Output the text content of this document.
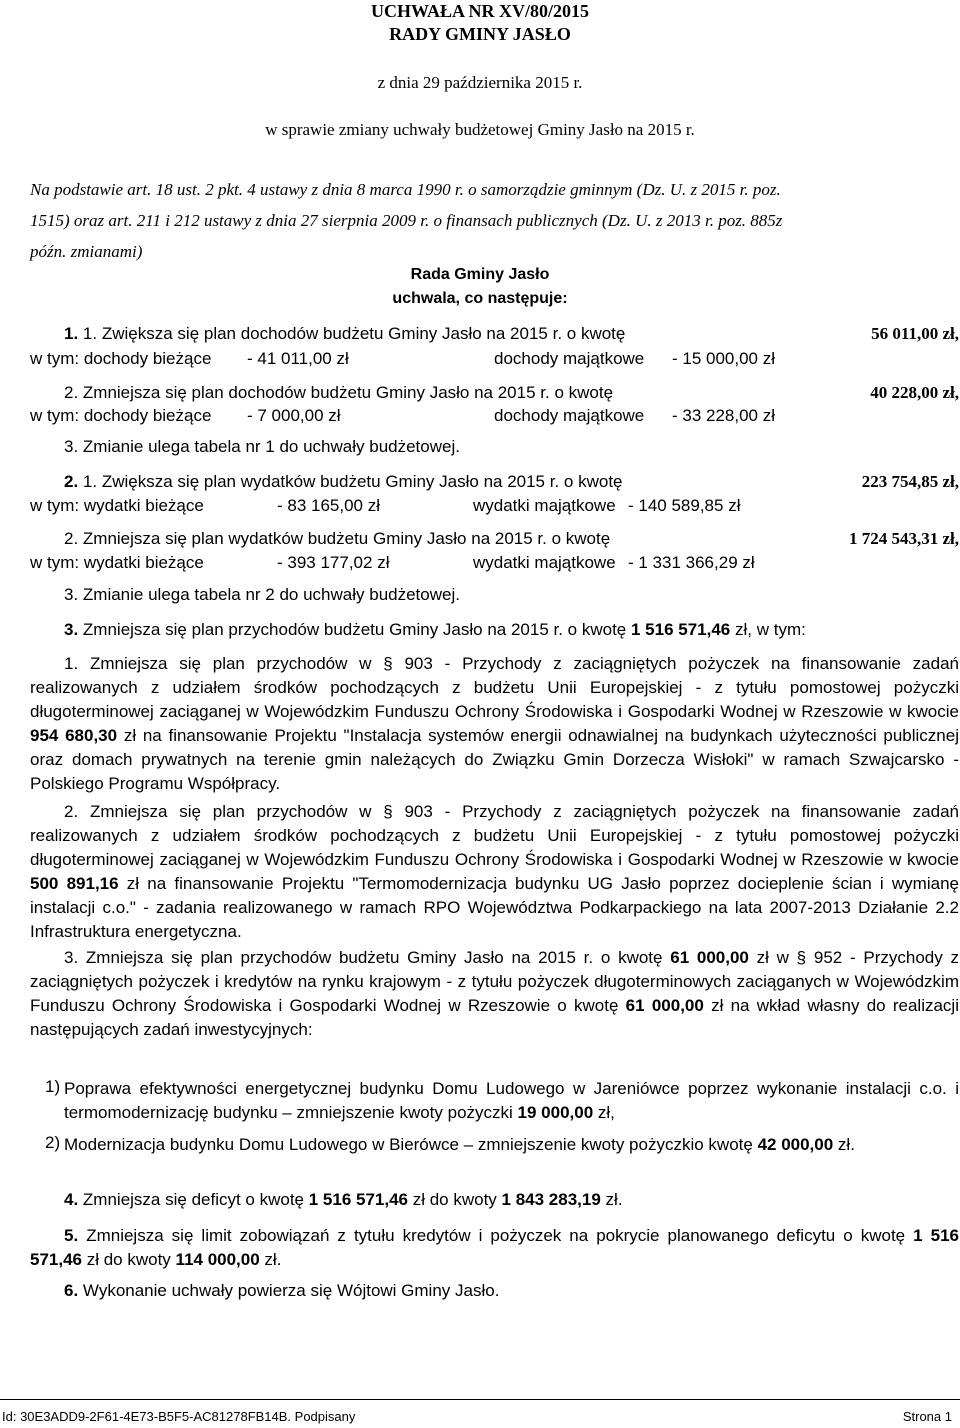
UCHWAŁA NR XV/80/2015
RADY GMINY JASŁO
z dnia 29 października 2015 r.
w sprawie zmiany uchwały budżetowej Gminy Jasło na 2015 r.
Na podstawie art. 18 ust. 2 pkt. 4 ustawy z dnia 8 marca 1990 r. o samorządzie gminnym (Dz. U. z 2015 r. poz.
1515) oraz art. 211 i 212 ustawy z dnia 27 sierpnia 2009 r. o finansach publicznych (Dz. U. z 2013 r. poz. 885z
późn. zmianami)
Rada Gminy Jasło
uchwala, co następuje:
1. 1. Zwiększa się plan dochodów budżetu Gminy Jasło na 2015 r. o kwotę	56 011,00 zł,
w tym: dochody bieżące - 41 011,00 zł	dochody majątkowe - 15 000,00 zł
2. Zmniejsza się plan dochodów budżetu Gminy Jasło na 2015 r. o kwotę	40 228,00 zł,
w tym: dochody bieżące - 7 000,00 zł	dochody majątkowe - 33 228,00 zł
3. Zmianie ulega tabela nr 1 do uchwały budżetowej.
2. 1. Zwiększa się plan wydatków budżetu Gminy Jasło na 2015 r. o kwotę	223 754,85 zł,
w tym: wydatki bieżące	- 83 165,00 zł	wydatki majątkowe - 140 589,85 zł
2. Zmniejsza się plan wydatków budżetu Gminy Jasło na 2015 r. o kwotę	1 724 543,31 zł,
w tym: wydatki bieżące	- 393 177,02 zł	wydatki majątkowe - 1 331 366,29 zł
3. Zmianie ulega tabela nr 2 do uchwały budżetowej.
3. Zmniejsza się plan przychodów budżetu Gminy Jasło na 2015 r. o kwotę 1 516 571,46 zł, w tym:
1. Zmniejsza się plan przychodów w § 903 - Przychody z zaciągniętych pożyczek na finansowanie zadań realizowanych z udziałem środków pochodzących z budżetu Unii Europejskiej - z tytułu pomostowej pożyczki długoterminowej zaciąganej w Wojewódzkim Funduszu Ochrony Środowiska i Gospodarki Wodnej w Rzeszowie w kwocie 954 680,30 zł na finansowanie Projektu "Instalacja systemów energii odnawialnej na budynkach użyteczności publicznej oraz domach prywatnych na terenie gmin należących do Związku Gmin Dorzecza Wisłoki" w ramach Szwajcarsko - Polskiego Programu Współpracy.
2. Zmniejsza się plan przychodów w § 903 - Przychody z zaciągniętych pożyczek na finansowanie zadań realizowanych z udziałem środków pochodzących z budżetu Unii Europejskiej - z tytułu pomostowej pożyczki długoterminowej zaciąganej w Wojewódzkim Funduszu Ochrony Środowiska i Gospodarki Wodnej w Rzeszowie w kwocie 500 891,16 zł na finansowanie Projektu "Termomodernizacja budynku UG Jasło poprzez docieplenie ścian i wymianę instalacji c.o." - zadania realizowanego w ramach RPO Województwa Podkarpackiego na lata 2007-2013 Działanie 2.2 Infrastruktura energetyczna.
3. Zmniejsza się plan przychodów budżetu Gminy Jasło na 2015 r. o kwotę 61 000,00 zł w § 952 - Przychody z zaciągniętych pożyczek i kredytów na rynku krajowym - z tytułu pożyczek długoterminowych zaciąganych w Wojewódzkim Funduszu Ochrony Środowiska i Gospodarki Wodnej w Rzeszowie o kwotę 61 000,00 zł na wkład własny do realizacji następujących zadań inwestycyjnych:
1) Poprawa efektywności energetycznej budynku Domu Ludowego w Jareniówce poprzez wykonanie instalacji c.o. i termomodernizację budynku – zmniejszenie kwoty pożyczki 19 000,00 zł,
2) Modernizacja budynku Domu Ludowego w Bierówce – zmniejszenie kwoty pożyczkio kwotę 42 000,00 zł.
4. Zmniejsza się deficyt o kwotę 1 516 571,46 zł do kwoty 1 843 283,19 zł.
5. Zmniejsza się limit zobowiązań z tytułu kredytów i pożyczek na pokrycie planowanego deficytu o kwotę 1 516 571,46 zł do kwoty 114 000,00 zł.
6. Wykonanie uchwały powierza się Wójtowi Gminy Jasło.
Id: 30E3ADD9-2F61-4E73-B5F5-AC81278FB14B. Podpisany	Strona 1
